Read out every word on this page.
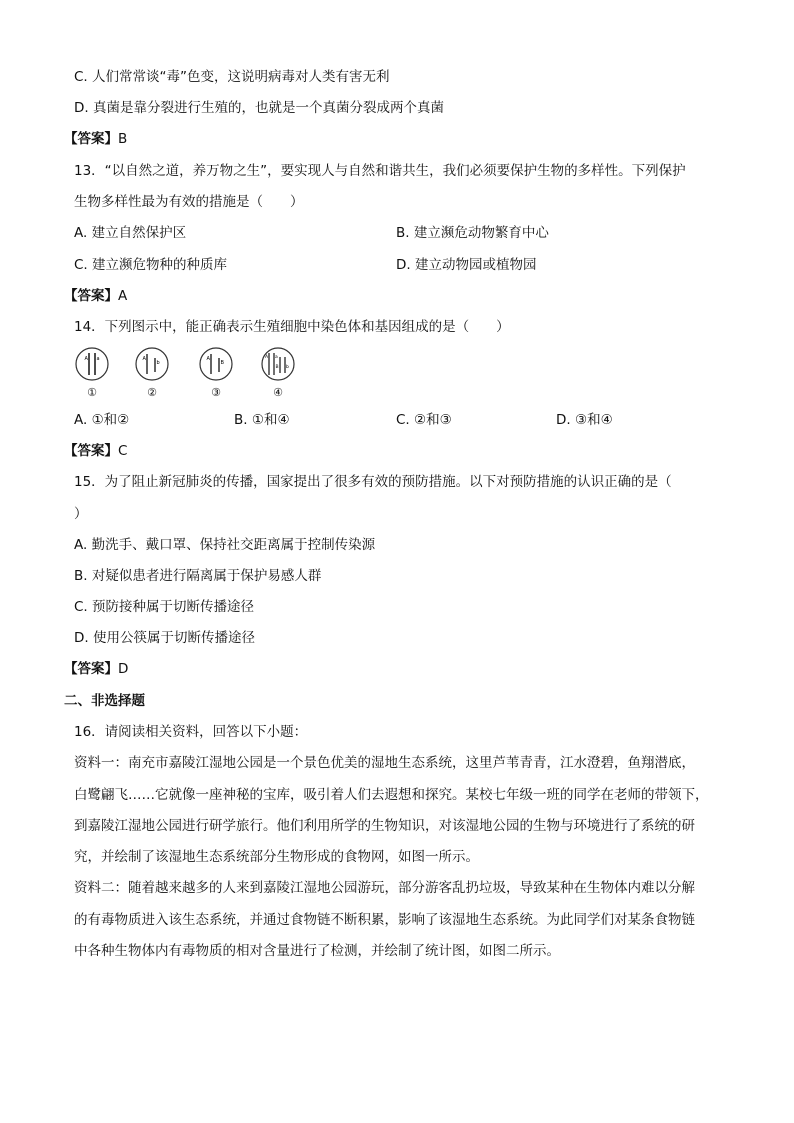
C. 人们常常谈“毒”色变，这说明病毒对人类有害无利
D. 真菌是靠分裂进行生殖的，也就是一个真菌分裂成两个真菌
【答案】B
13．“以自然之道，养万物之生”，要实现人与自然和谐共生，我们必须要保护生物的多样性。下列保护
生物多样性最为有效的措施是（　　）
A. 建立自然保护区	B. 建立濒危动物繁育中心
C. 建立濒危物种的种质库	D. 建立动物园或植物园
【答案】A
14．下列图示中，能正确表示生殖细胞中染色体和基因组成的是（　　）
A a
①
A
b
②
A
B
③
A a
B b
④
A. ①和②	B. ①和④	C. ②和③	D. ③和④
【答案】C
15．为了阻止新冠肺炎的传播，国家提出了很多有效的预防措施。以下对预防措施的认识正确的是（
）
A. 勤洗手、戴口罩、保持社交距离属于控制传染源
B. 对疑似患者进行隔离属于保护易感人群
C. 预防接种属于切断传播途径
D. 使用公筷属于切断传播途径
【答案】D
二、非选择题
16．请阅读相关资料，回答以下小题：
资料一：南充市嘉陵江湿地公园是一个景色优美的湿地生态系统，这里芦苇青青，江水澄碧，鱼翔潜底，
白鹭翩飞……它就像一座神秘的宝库，吸引着人们去遐想和探究。某校七年级一班的同学在老师的带领下，
到嘉陵江湿地公园进行研学旅行。他们利用所学的生物知识，对该湿地公园的生物与环境进行了系统的研
究，并绘制了该湿地生态系统部分生物形成的食物网，如图一所示。
资料二：随着越来越多的人来到嘉陵江湿地公园游玩，部分游客乱扔垃圾，导致某种在生物体内难以分解
的有毒物质进入该生态系统，并通过食物链不断积累，影响了该湿地生态系统。为此同学们对某条食物链
中各种生物体内有毒物质的相对含量进行了检测，并绘制了统计图，如图二所示。
